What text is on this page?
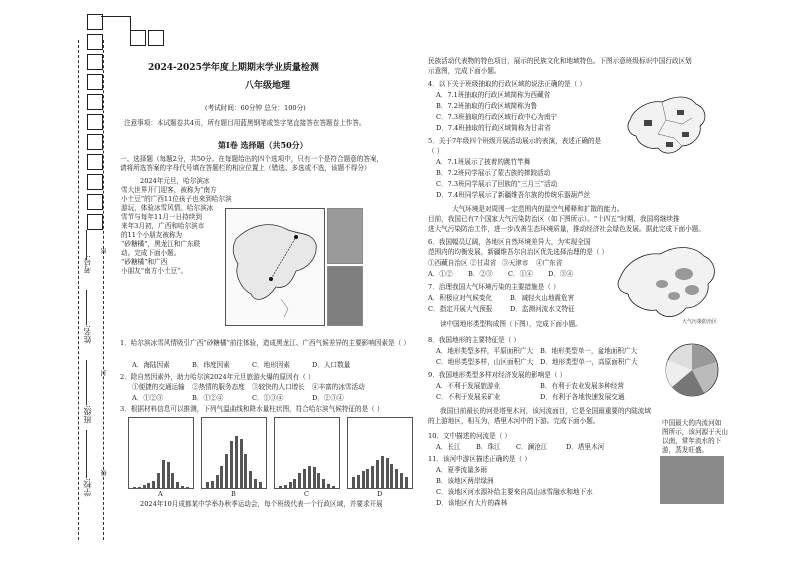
考号:
姓名:
班级:
学校:
密
封
线
2024-2025学年度上期期末学业质量检测
八年级地理
(考试时间：60分钟 总分：100分)
注意事项：本试题卷共4页，所有题目用蓝黑钢笔或签字笔直接答在答题卷上作答。
第I卷 选择题（共50分）
一、选择题（每题2分，共50分。在每题给出的四个选项中，只有一个是符合题意的答案，
请将所选答案的字母代号填在答题栏的相应位置上（错选、多选或不选，该题不得分）
2024年元旦，哈尔滨冰
雪大世界开门迎客，被称为“南方
小土豆”的广西11位孩子也来到哈尔滨
游玩，体验冰雪风情。哈尔滨冰
雪节与每年11月一日持续到
来年3月初，广西和哈尔滨市
的11个小朋友被称为
“砂糖橘”，黑龙江和广东联
动。完成下面小题。
“砂糖橘”和广西
小朋友“南方小土豆”。
1．哈尔滨冰雪风情吸引广西“砂糖橘”前往体验，造成黑龙江、广西气候差异的主要影响因素是（ ）
A．海陆因素	B．纬度因素	C．地形因素	D．人口数量
2．除自然因素外，助力哈尔滨2024年元旦旅游火爆的原因有（ ）
①便捷的交通运输 ②热情的服务态度 ③较快的人口增长 ④丰富的冰雪活动
A．①②③	B．①②④	C．①③④	D．②③④
3．根据材料信息可以推测，下列气温曲线和降水量柱状图，符合哈尔滨气候特征的是（ ）
A	B	C	D
2024年10月成都某中学举办秋季运动会，每个班级代表一个行政区域，并要求开展
民族活动代表物的特色项目，展示的民族文化和地域特色。下图示意班级标识中国行政区划
示意图，完成下面小题。
4．以下关于班级抽取的行政区域的说法正确的是（ ）
A．7.1班抽取的行政区域简称为西藏省
B．7.2班抽取的行政区域简称为鲁
C．7.3班抽取的行政区域行政中心为南宁
D．7.4班抽取的行政区域简称为甘肃省
5．关于7年级四个班级开展活动展示的表演，表述正确的是
（ ）
A．7.1班展示了披着的跳竹竿舞
B．7.2班同学展示了蒙古族的摔跤活动
C．7.3班同学展示了回族的“三月三”活动
D．7.4班同学展示了新疆维吾尔族的传统乐器葫芦丝
大气环境是对周围一定范围内的湿空气稀释和扩散的能力。
目前，我国已有7个国家大气污染防治区（如下图所示）。“十四五”时期，我国将继续推
进大气污染防治工作，进一步改善生态环境质量，推动经济社会绿色发展。据此完成下面小题。
6．我国幅员辽阔，各地区自然环境差异大，为实现全国
范围内的均衡发展，新疆维吾尔自治区优先选择治理的是（ ）
①西藏自治区 ②甘肃省 ③天津市 ④广东省
A．①② B．②③ C．①④ D．③④
大气污染防治区
7．治理我国大气环境污染的主要措施是（ ）
A．积极应对气候变化	B．减轻火山地震危害
C．指定开展大气预报	D．监测河流水文特征
读中国地形类型构成图（下图），完成下面小题。
8．我国地形的主要特征是（ ）
A．地形类型多样，平原面积广大 B．地形类型单一，盆地面积广大
C．地形类型多样，山区面积广大 D．地形类型单一，高原面积广大
9．我国地形类型多样对经济发展的影响是（ ）
A．不利于发展旅游业	B．有利于农业发展多种经营
C．不利于发展采矿业	D．有利于各地快速发展交通
我国目前最长的河是塔里木河，该河流面目，它是全国最重要的内陆流域
的上游地区，相互为，塔里木河中的下游。完成下面小题。
10．文中描述的河流是（ ）
A．长江 B．珠江 C．澜沧江	D．塔里木河
11．该河中游区描述正确的是（ ）
A．夏季流量多雨
B．该地区两岸绿洲
C．该地区河水源补给主要来自高山冰雪融水和地下水
D．该地区有大片的森林
中国最大的内流河如
图所示，该河源于天山
以南，常年流水的下
游，蒸发旺盛。
